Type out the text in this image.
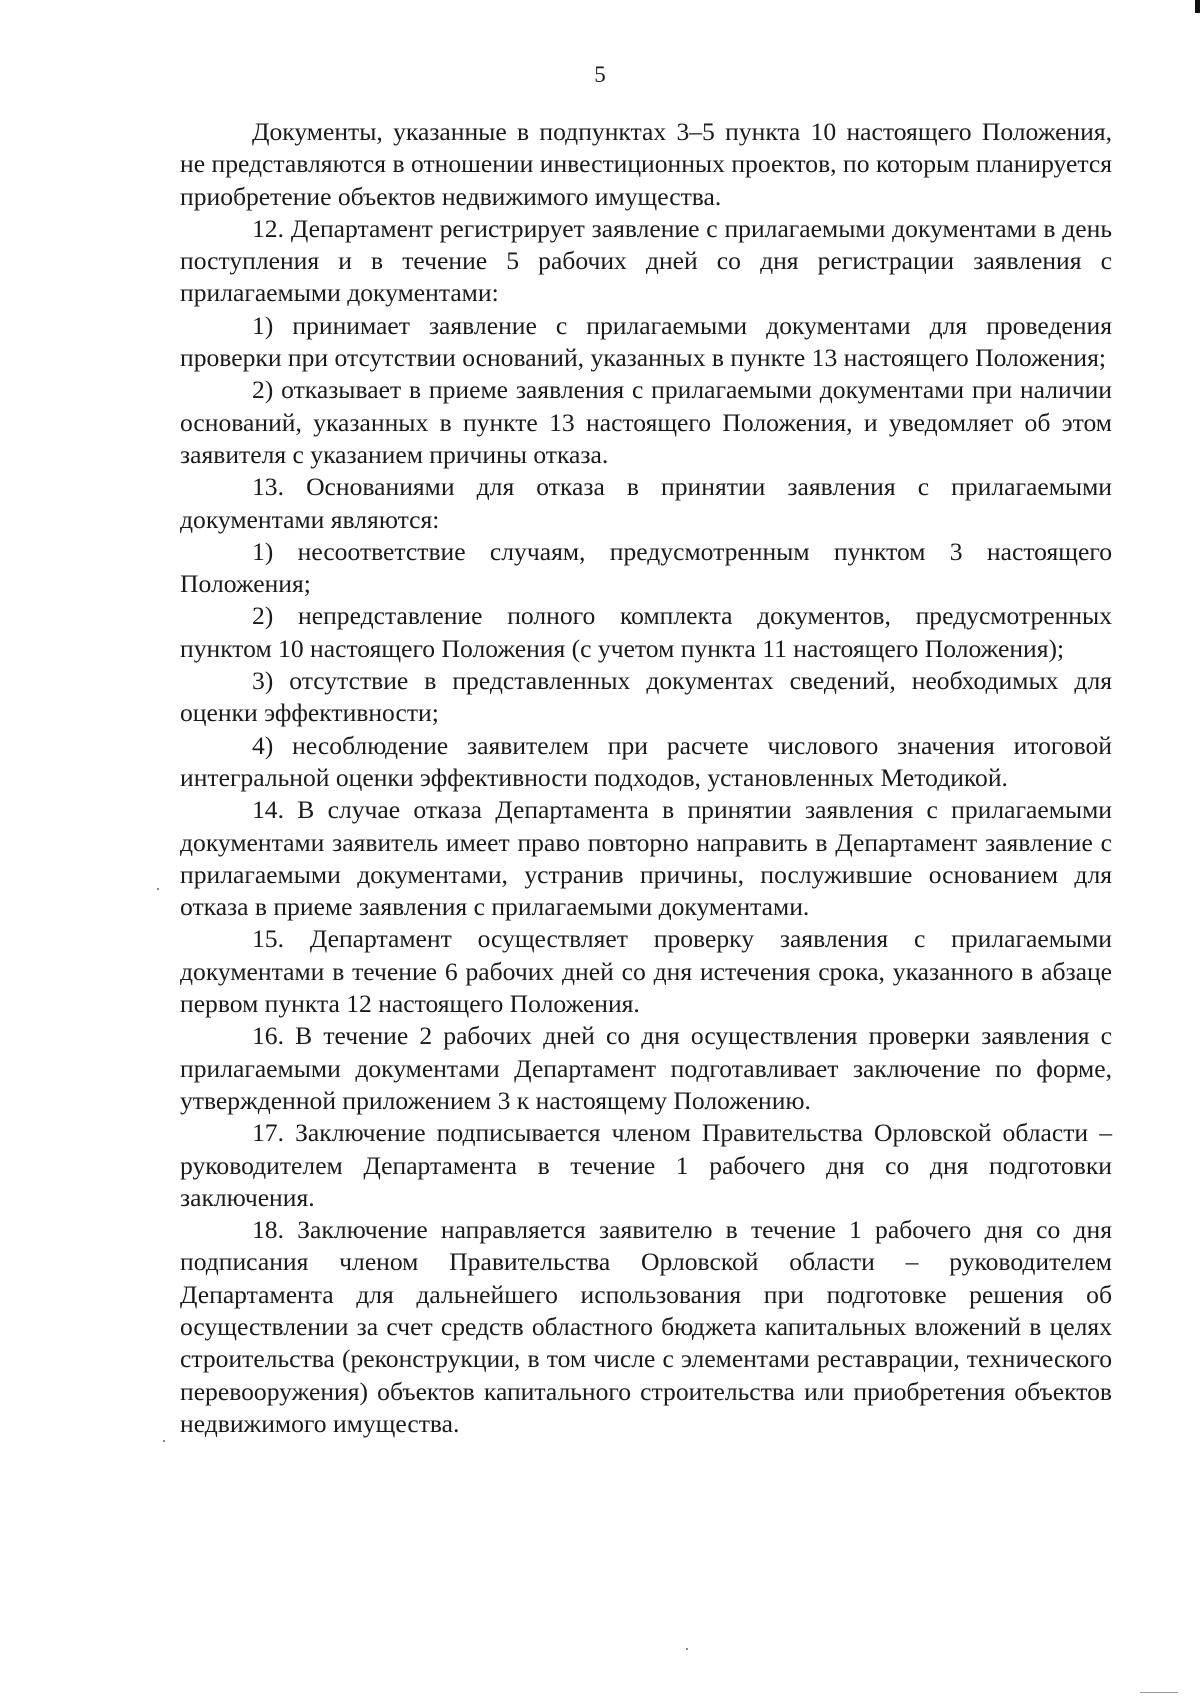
5

Документы, указанные в подпунктах 3–5 пункта 10 настоящего Положения, не представляются в отношении инвестиционных проектов, по которым планируется приобретение объектов недвижимого имущества.

12. Департамент регистрирует заявление с прилагаемыми документами в день поступления и в течение 5 рабочих дней со дня регистрации заявления с прилагаемыми документами:

1) принимает заявление с прилагаемыми документами для проведения проверки при отсутствии оснований, указанных в пункте 13 настоящего Положения;

2) отказывает в приеме заявления с прилагаемыми документами при наличии оснований, указанных в пункте 13 настоящего Положения, и уведомляет об этом заявителя с указанием причины отказа.

13. Основаниями для отказа в принятии заявления с прилагаемыми документами являются:

1) несоответствие случаям, предусмотренным пунктом 3 настоящего Положения;

2) непредставление полного комплекта документов, предусмотренных пунктом 10 настоящего Положения (с учетом пункта 11 настоящего Положения);

3) отсутствие в представленных документах сведений, необходимых для оценки эффективности;

4) несоблюдение заявителем при расчете числового значения итоговой интегральной оценки эффективности подходов, установленных Методикой.

14. В случае отказа Департамента в принятии заявления с прилагаемыми документами заявитель имеет право повторно направить в Департамент заявление с прилагаемыми документами, устранив причины, послужившие основанием для отказа в приеме заявления с прилагаемыми документами.

15. Департамент осуществляет проверку заявления с прилагаемыми документами в течение 6 рабочих дней со дня истечения срока, указанного в абзаце первом пункта 12 настоящего Положения.

16. В течение 2 рабочих дней со дня осуществления проверки заявления с прилагаемыми документами Департамент подготавливает заключение по форме, утвержденной приложением 3 к настоящему Положению.

17. Заключение подписывается членом Правительства Орловской области – руководителем Департамента в течение 1 рабочего дня со дня подготовки заключения.

18. Заключение направляется заявителю в течение 1 рабочего дня со дня подписания членом Правительства Орловской области – руководителем Департамента для дальнейшего использования при подготовке решения об осуществлении за счет средств областного бюджета капитальных вложений в целях строительства (реконструкции, в том числе с элементами реставрации, технического перевооружения) объектов капитального строительства или приобретения объектов недвижимого имущества.
